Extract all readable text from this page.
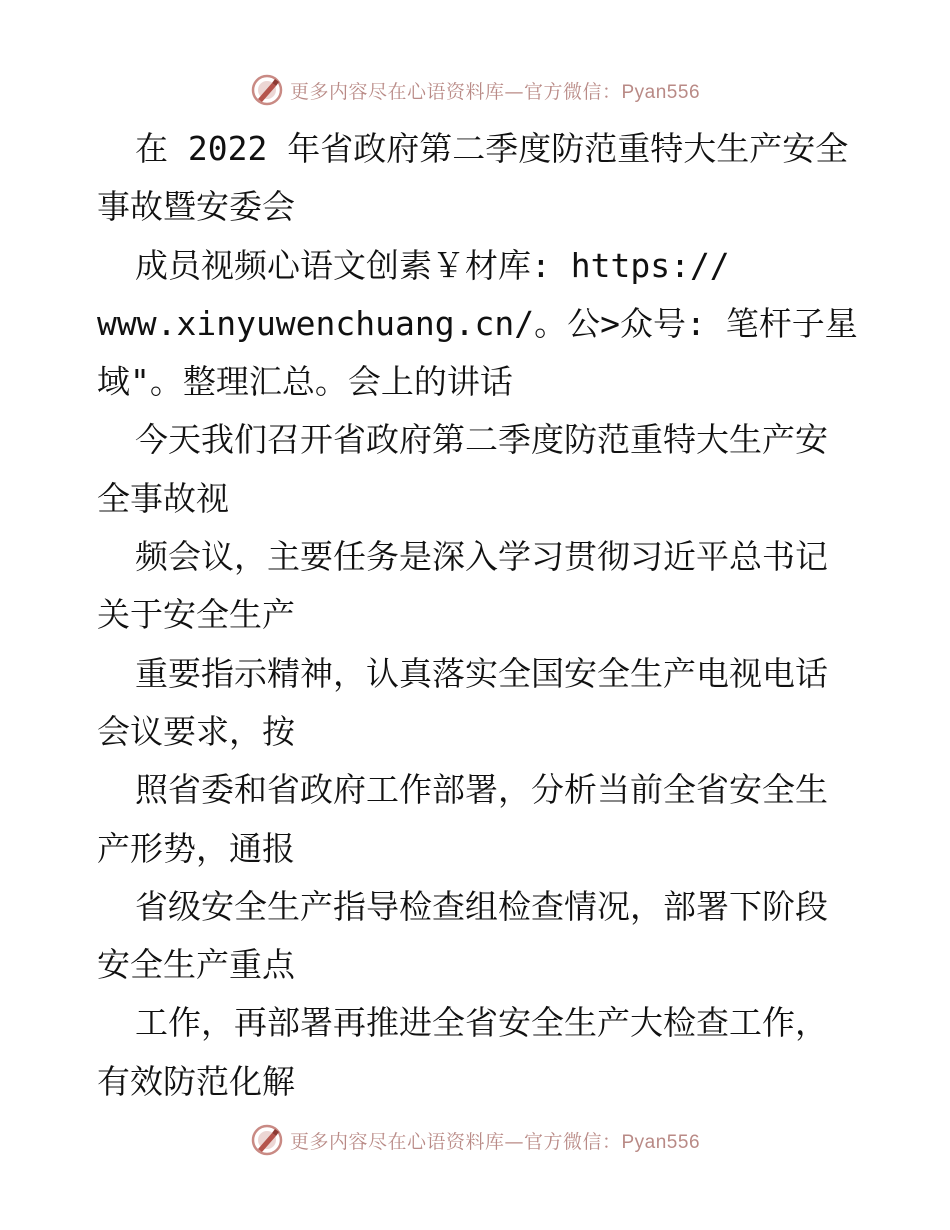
更多内容尽在心语资料库—官方微信：Pyan556
在 2022 年省政府第二季度防范重特大生产安全
事故暨安委会
成员视频心语文创素￥材库: https://
www.xinyuwenchuang.cn/。公>众号: 笔杆子星
域"。整理汇总。会上的讲话
今天我们召开省政府第二季度防范重特大生产安
全事故视
频会议，主要任务是深入学习贯彻习近平总书记
关于安全生产
重要指示精神，认真落实全国安全生产电视电话
会议要求，按
照省委和省政府工作部署，分析当前全省安全生
产形势，通报
省级安全生产指导检查组检查情况，部署下阶段
安全生产重点
工作，再部署再推进全省安全生产大检查工作，
有效防范化解
更多内容尽在心语资料库—官方微信：Pyan556
